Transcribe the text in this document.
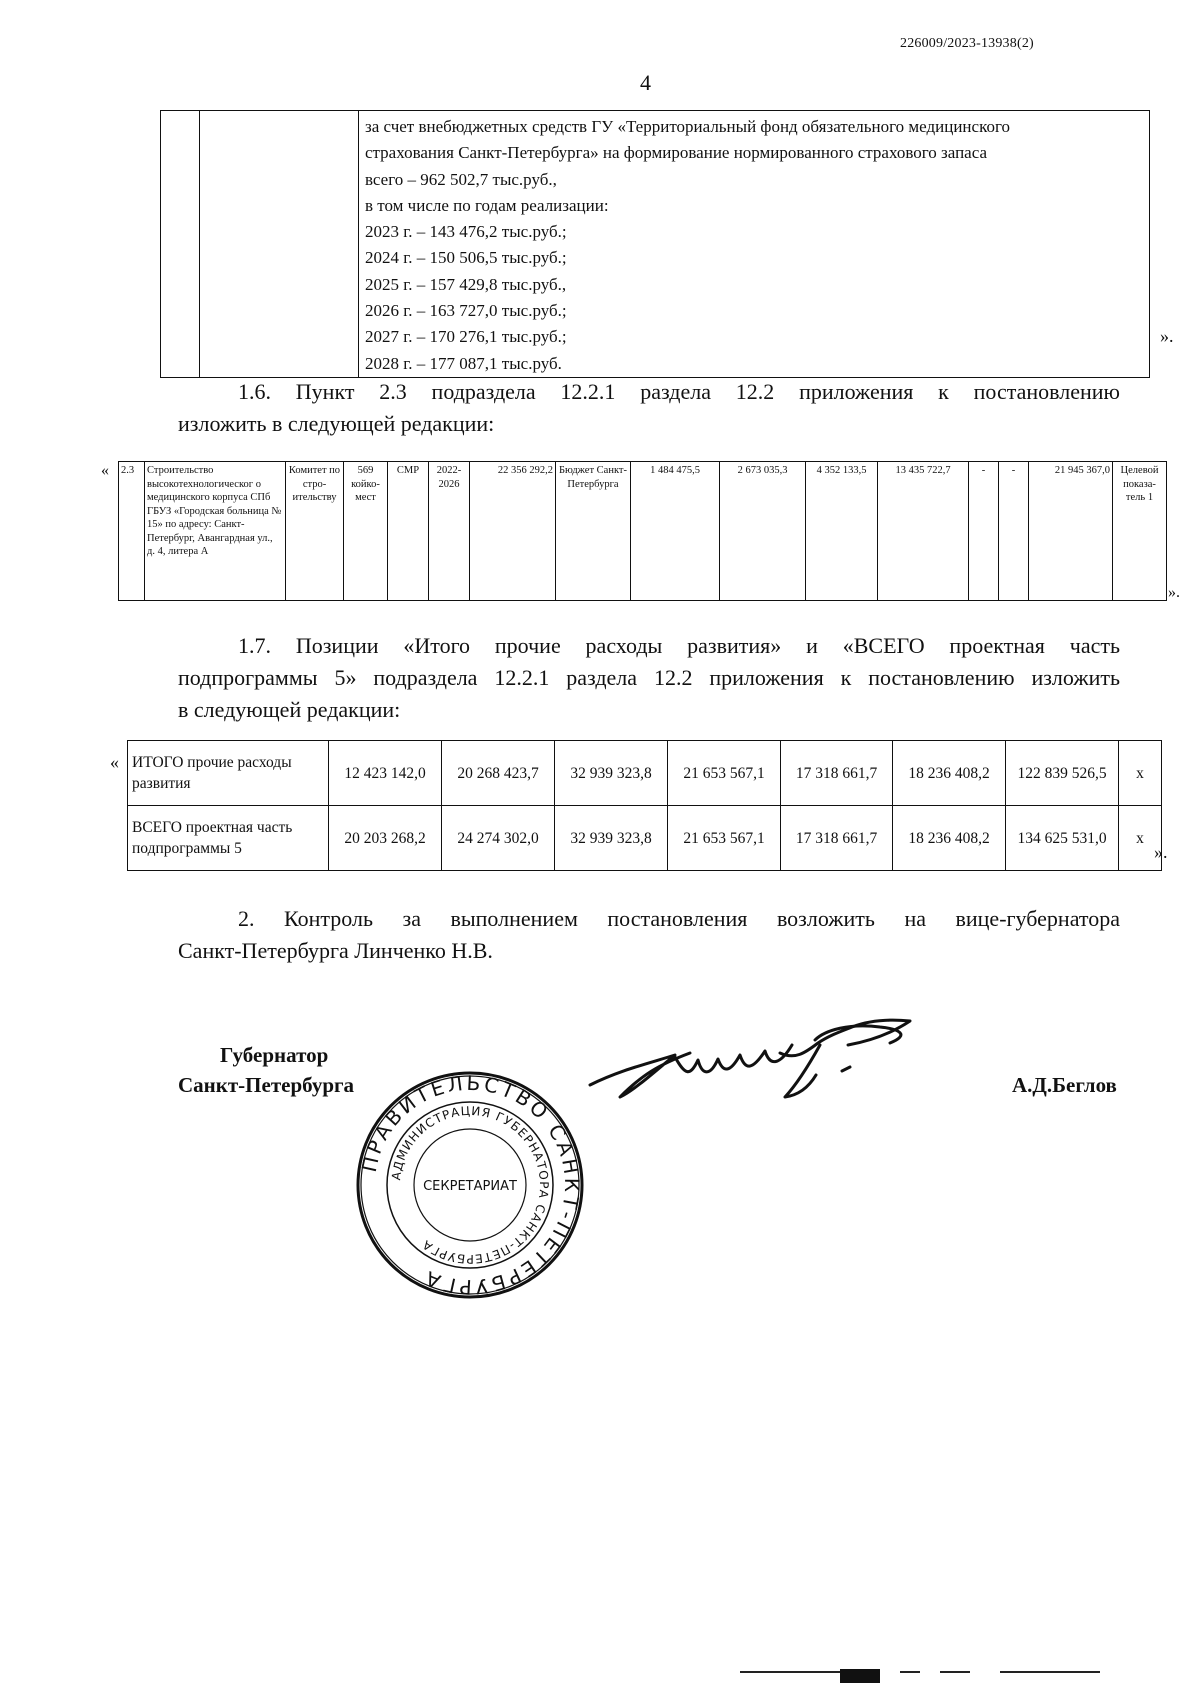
226009/2023-13938(2)
4

за счет внебюджетных средств ГУ «Территориальный фонд обязательного медицинского
страхования Санкт-Петербурга» на формирование нормированного страхового запаса
всего – 962 502,7 тыс.руб.,
в том числе по годам реализации:
2023 г. – 143 476,2 тыс.руб.;
2024 г. – 150 506,5 тыс.руб.;
2025 г. – 157 429,8 тыс.руб.,
2026 г. – 163 727,0 тыс.руб.;
2027 г. – 170 276,1 тыс.руб.;
2028 г. – 177 087,1 тыс.руб.
».
1.6. Пункт 2.3 подраздела 12.2.1 раздела 12.2 приложения к постановлению
изложить в следующей редакции:
« 2.3	Строительство высокотехнологическог о медицинского корпуса СПб ГБУЗ «Городская больница № 15» по адресу: Санкт-Петербург, Авангардная ул., д. 4, литера А	Комитет по стро-ительству	569 койко-мест	СМР	2022-2026	22 356 292,2	Бюджет Санкт-Петербурга	1 484 475,5	2 673 035,3	4 352 133,5	13 435 722,7	-	-	21 945 367,0	Целевой показа-тель 1
».
1.7. Позиции «Итого прочие расходы развития» и «ВСЕГО проектная часть
подпрограммы 5» подраздела 12.2.1 раздела 12.2 приложения к постановлению изложить
в следующей редакции:
« ИТОГО прочие расходы развития	12 423 142,0	20 268 423,7	32 939 323,8	21 653 567,1	17 318 661,7	18 236 408,2	122 839 526,5	х
ВСЕГО проектная часть подпрограммы 5	20 203 268,2	24 274 302,0	32 939 323,8	21 653 567,1	17 318 661,7	18 236 408,2	134 625 531,0	х
».
2. Контроль за выполнением постановления возложить на вице-губернатора
Санкт-Петербурга Линченко Н.В.
Губернатор
Санкт-Петербурга	А.Д.Беглов
ПРАВИТЕЛЬСТВО САНКТ-ПЕТЕРБУРГА
АДМИНИСТРАЦИЯ ГУБЕРНАТОРА САНКТ-ПЕТЕРБУРГА
СЕКРЕТАРИАТ
